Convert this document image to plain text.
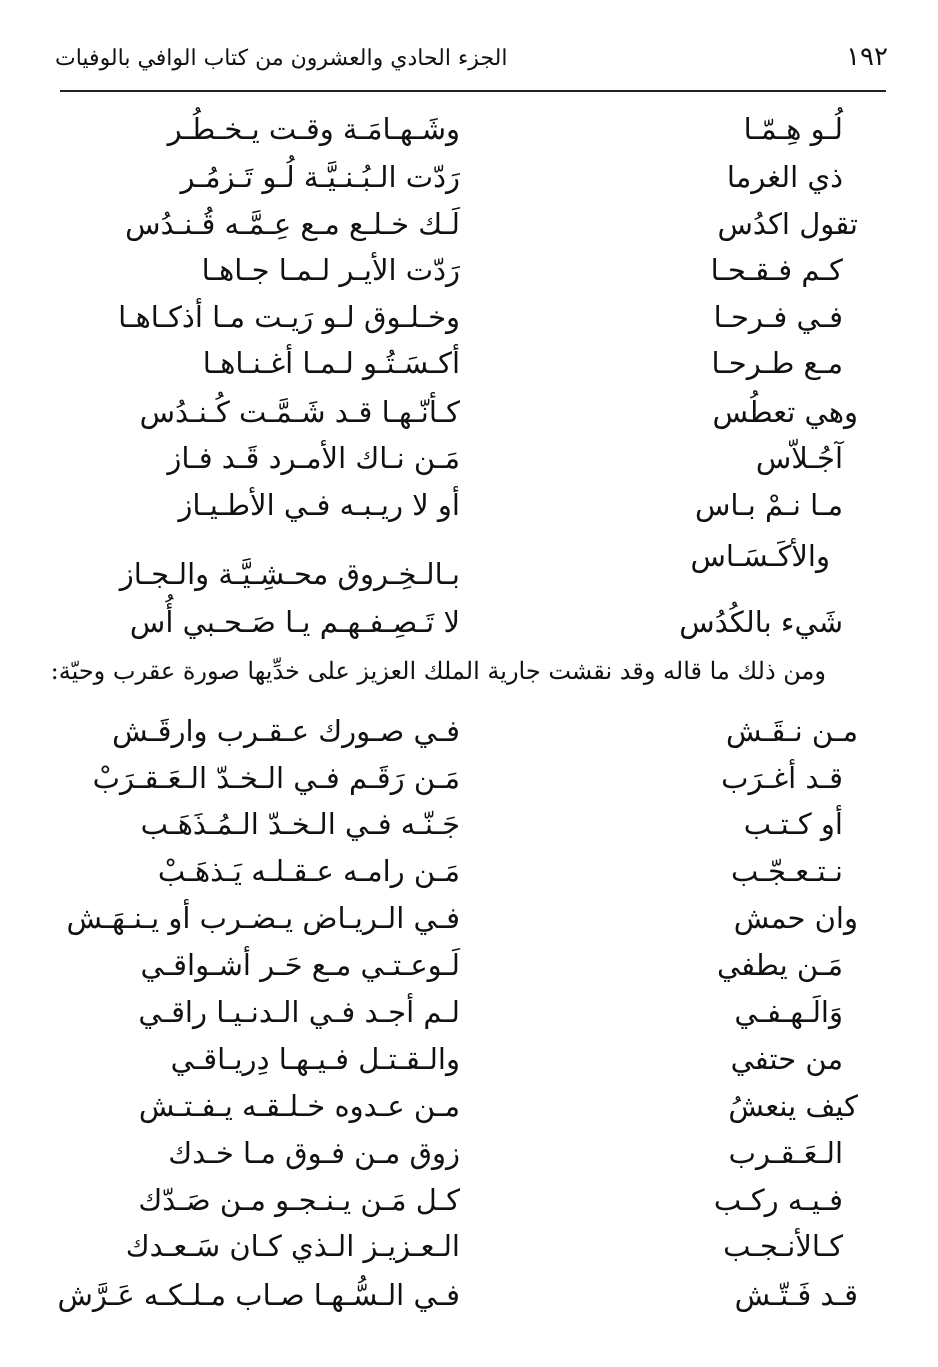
١٩٢
الجزء الحادي والعشرون من كتاب الوافي بالوفيات
لُـو هِـمّـا
وشَـهـامَـة وقـت يـخـطُـر
ذي الغرما
رَدّت الـبُـنـيَّـة لُـو تَـزمُـر
تقول اكدُس
لَـك خـلـع مـع عِـمَّـه قُـنـدُس
كـم فـقـحـا
رَدّت الأيـر لـمـا جـاهـا
فـي فـرحـا
وخـلـوق لـو رَيـت مـا أذكـاهـا
مـع طـرحـا
أكـسَـتُـو لـمـا أغـنـاهـا
وهي تعطُس
كـأنّـهـا قـد شَـمَّـت كُـنـدُس
آجُـلاّس
مَـن نـاك الأمـرد قَـد فـاز
مـا نـمْ بـاس
أو لا ريـبـه فـي الأطـيـاز
والأكَـسَـاس
بـالـخِـروق محـشِـيَّـة والـجـاز
شَيء بالكُدُس
لا تَـصِـفـهـم يـا صَـحـبي أُس
ومن ذلك ما قاله وقد نقشت جارية الملك العزيز على خدِّيها صورة عقرب وحيّة:
مـن نـقَـش
فـي صـورك عـقـرب وارقَـش
قـد أغـرَب
مَـن رَقَـم فـي الـخـدّ الـعَـقـرَبْ
أو كـتـب
جَـنّـه فـي الـخـدّ الـمُـذَهَـب
نـتـعـجّـب
مَـن رامـه عـقـلـه يَـذهَـبْ
وان حمش
فـي الـريـاض يـضـرب أو يـنـهَـش
مَـن يطفي
لَـوعـتـي مـع حَـر أشـواقـي
وَالَـهـفـي
لـم أجـد فـي الـدنـيـا راقـي
من حتفي
والـقـتـل فـيـهـا دِريـاقـي
كيف ينعشُ
مـن عـدوه خـلـقـه يـفـتـش
الـعَـقـرب
زوق مـن فـوق مـا خـدك
فـيـه ركـب
كـل مَـن يـنـجـو مـن صَـدّك
كـالأنـجـب
الـعـزيـز الـذي كـان سَـعـدك
قـد فَـتّـش
فـي الـسُّـهـا صـاب مـلـكـه عَـرَّش
